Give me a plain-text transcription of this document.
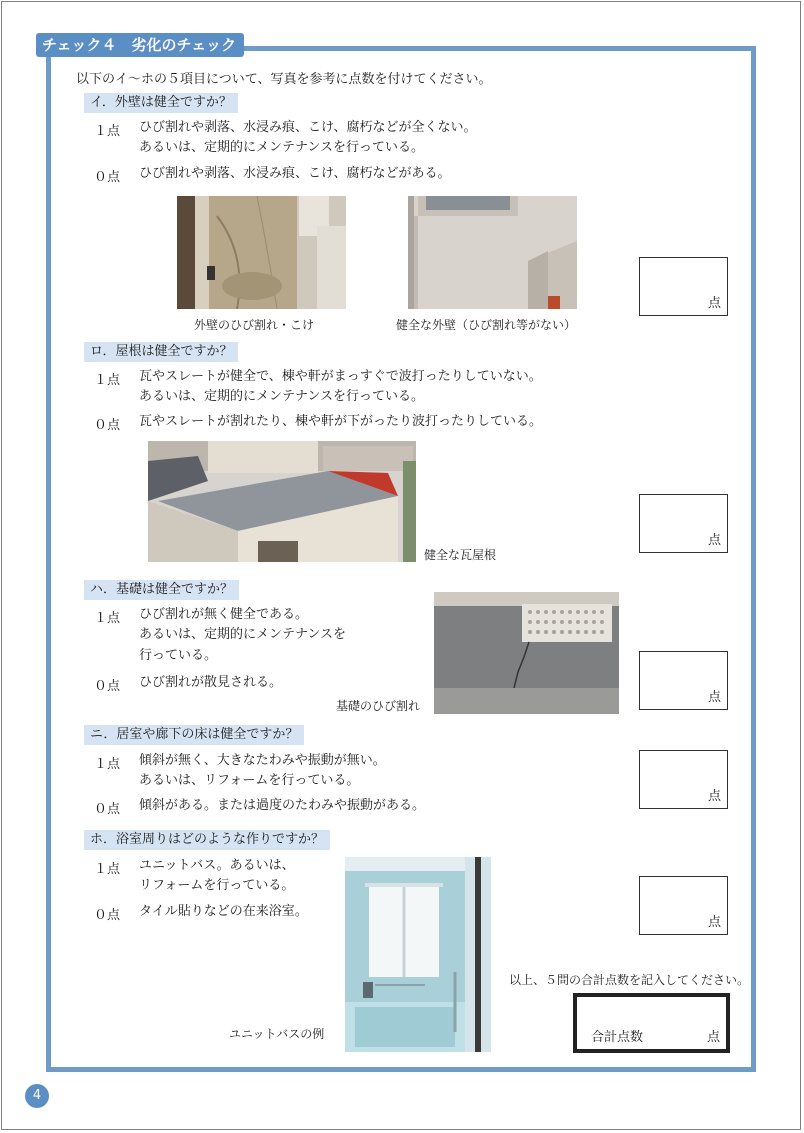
チェック４　劣化のチェック
以下のイ～ホの５項目について、写真を参考に点数を付けてください。
イ．外壁は健全ですか？
１点 ひび割れや剥落、水浸み痕、こけ、腐朽などが全くない。
あるいは、定期的にメンテナンスを行っている。
０点 ひび割れや剥落、水浸み痕、こけ、腐朽などがある。
外壁のひび割れ・こけ	健全な外壁（ひび割れ等がない）
点
ロ．屋根は健全ですか？
１点 瓦やスレートが健全で、棟や軒がまっすぐで波打ったりしていない。
あるいは、定期的にメンテナンスを行っている。
０点 瓦やスレートが割れたり、棟や軒が下がったり波打ったりしている。
健全な瓦屋根
点
ハ．基礎は健全ですか？
１点 ひび割れが無く健全である。
あるいは、定期的にメンテナンスを
行っている。
０点 ひび割れが散見される。
基礎のひび割れ
点
ニ．居室や廊下の床は健全ですか？
１点 傾斜が無く、大きなたわみや振動が無い。
あるいは、リフォームを行っている。
０点 傾斜がある。または過度のたわみや振動がある。
点
ホ．浴室周りはどのような作りですか？
１点 ユニットバス。あるいは、
リフォームを行っている。
０点 タイル貼りなどの在来浴室。
ユニットバスの例
点
以上、５問の合計点数を記入してください。
合計点数	点
4
